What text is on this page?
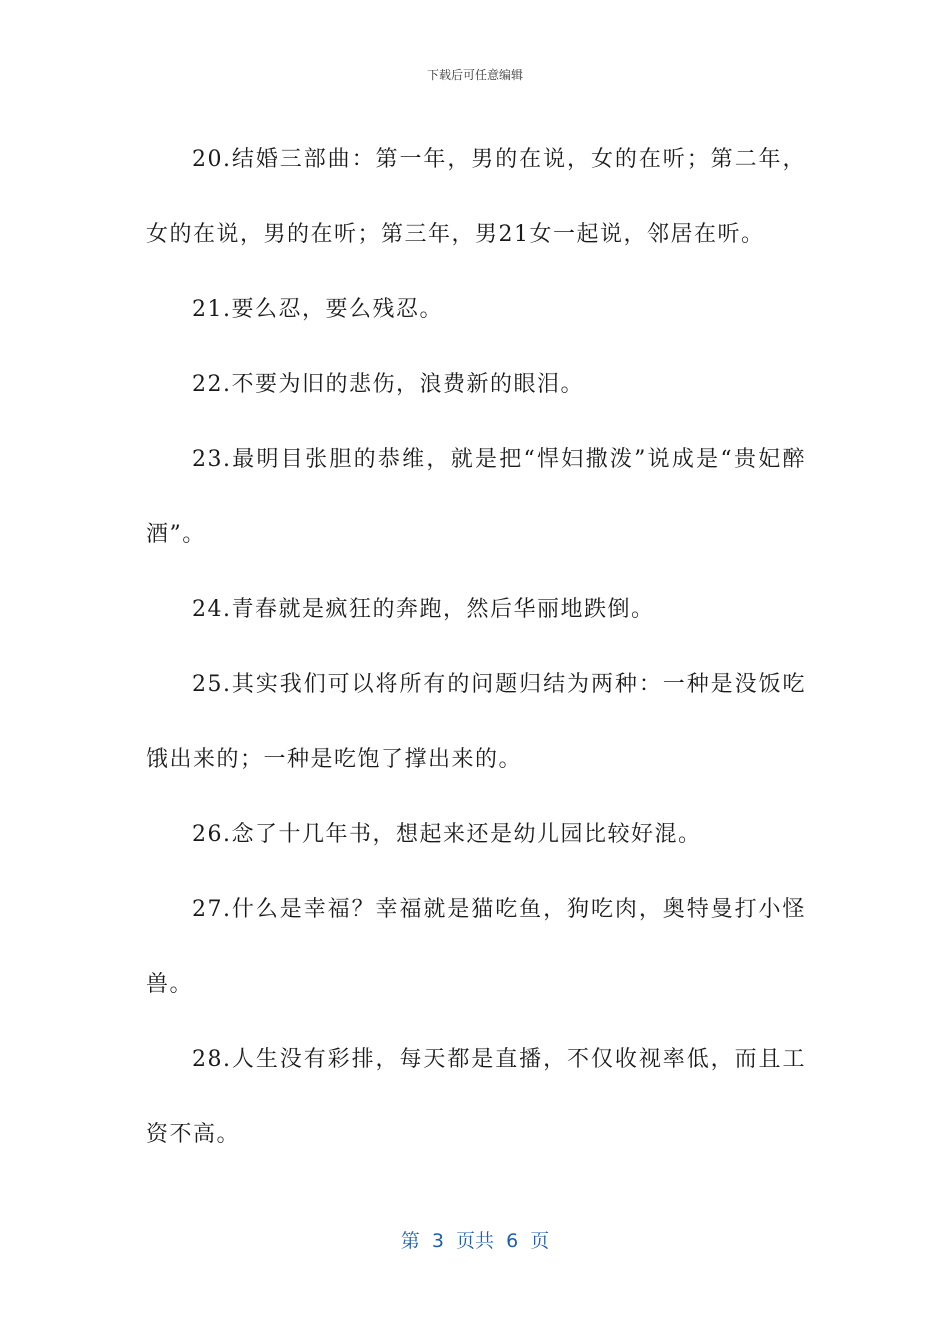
下载后可任意编辑

20.结婚三部曲：第一年，男的在说，女的在听；第二年，女的在说，男的在听；第三年，男21女一起说，邻居在听。

21.要么忍，要么残忍。

22.不要为旧的悲伤，浪费新的眼泪。

23.最明目张胆的恭维，就是把“悍妇撒泼”说成是“贵妃醉酒”。

24.青春就是疯狂的奔跑，然后华丽地跌倒。

25.其实我们可以将所有的问题归结为两种：一种是没饭吃饿出来的；一种是吃饱了撑出来的。

26.念了十几年书，想起来还是幼儿园比较好混。

27.什么是幸福？幸福就是猫吃鱼，狗吃肉，奥特曼打小怪兽。

28.人生没有彩排，每天都是直播，不仅收视率低，而且工资不高。

第  3  页共  6  页
